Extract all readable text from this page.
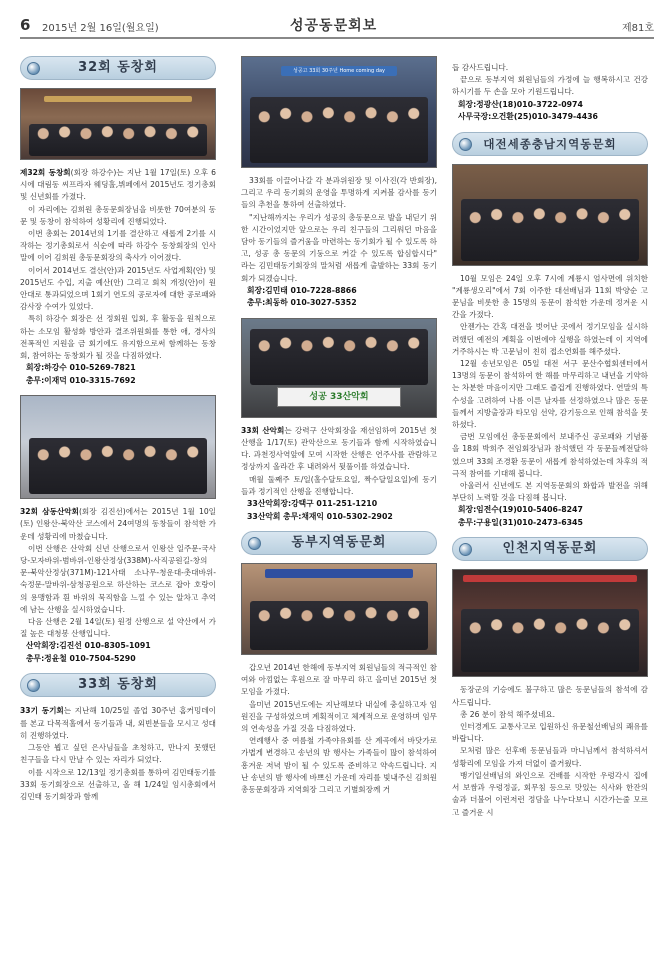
6 2015년 2월 16일(월요일)	성공동문회보	제81호
32회 동창회

제32회 동창회(회장 하강수)는 지난 1월 17일(토) 오후 6시에 대림동 씨프라자 웨딩홀,뷔페에서 2015년도 정기총회 및 신년회를 가졌다.

이 자리에는 김희원 총동문회장님을 비롯한 70여분의 동문 및 동창이 참석하여 성황리에 진행되었다.

이번 총회는 2014년의 1기를 결산하고 새롭게 2기를 시작하는 정기총회로서 식순에 따라 하강수 동창회장의 인사말에 이어 김희원 총동문회장의 축사가 이어졌다.

이어서 2014년도 결산(안)과 2015년도 사업계획(안) 및 2015년도 수입, 지출 예산(안) 그리고 회칙 개정(안)이 원안대로 통과되었으며 1회기 연도의 공로자에 대한 공로패와 감사장 수여가 있었다.

특히 하강수 회장은 선 정회원 입회, 후 활동을 원칙으로 하는 소모임 활성화 방안과 결조위원회를 통한 애, 경사의 전폭적인 지원을 금 회기에도 유지함으로써 함께하는 동창회, 참여하는 동창회가 될 것을 다짐하였다.

회장:하강수 010-5269-7821
총무:이재덕 010-3315-7692

32회 삼동산악회(회장 김진선)에서는 2015년 1월 10일(토) 인왕산-북악산 코스에서 24여명의 동창들이 참석한 가운데 성황리에 마쳤습니다.

이번 산행은 산악회 신년 산행으로서 인왕산 일주문-국사당-모자바위-범바위-인왕산정상(338M)-사직공원길-창의문-북악산정상(371M)-121사태 소나무-청운대-촛대바위-숙정문-말바위-삼청공원으로 하산하는 코스로 잡아 호랑이의 용맹함과 흰 바위의 묵직함을 느낄 수 있는 알차고 추억에 남는 산행을 실시하였습니다.

다음 산행은 2월 14일(토) 원정 산행으로 설 약산에서 가질 높은 대청봉 산행입니다.

산악회장:김진선 010-8305-1091
총무:정윤철 010-7504-5290
33회 동창회

33기 동기회는 지난해 10/25일 졸업 30주년 홈커밍데이를 본교 다목적홀에서 동기들과 내, 외빈분들을 모시고 성대히 진행하였다.

그동안 뵙고 싶던 은사님들을 초청하고, 만나지 못했던 친구들을 다시 만날 수 있는 자리가 되었다.

이를 시작으로 12/13일 정기총회를 통하여 김민태동기를 33회 동기회장으로 선출하고, 올 해 1/24일 임시총회에서 김민태 동기회장과 함께

성공고 33회 30주년 Home coming day

33회를 이끌어나갈 각 분과위원장 및 이사진(각 반회장), 그리고 우리 동기회의 운영을 투명하게 지켜볼 감사를 동기들의 추천을 통하여 선출하였다.

"지난해까지는 우리가 성공의 총동문으로 발을 내딛기 위한 시간이었지만 앞으로는 우리 친구들의 그리워던 마음을 담아 동기들의 즐거움을 마련하는 동기회가 될 수 있도록 하고, 성공 총 동문의 기둥으로 커갈 수 있도록 합심합시다" 라는 김민태동기회장의 말처럼 새롭게 출발하는 33회 동기회가 되겠습니다.

회장:김민태 010-7228-8866
총무:최동하 010-3027-5352
성공 33산악회

33회 산악회는 강력구 산악회장을 재선임하여 2015년 첫 산행을 1/17(토) 관악산으로 동기들과 함께 시작하였습니다. 과천정사역앞에 모여 시작한 산행은 연주사를 관람하고 정상까지 올라간 후 내려와서 뒷풀이를 하였습니다.

매월 둘째주 토/일(홀수달토요일, 짝수달일요일)에 동기들과 정기적인 산행을 진행합니다.

33산악회장:강택구 011-251-1210
33산악회 총무:채재익 010-5302-2902
동부지역동문회

갑오년 2014년 한해에 동부지역 회원님들의 적극적인 참여와 아낌없는 후원으로 잘 마무리 하고 을미년 2015년 첫 모임을 가졌다.

을미년 2015년도에는 지난해보다 내실에 충실하고자 임원진을 구성하였으며 계획적이고 체계적으로 운영하며 임무의 연속성을 가질 것을 다짐하였다.

연례행사 중 여름철 가족야유회를 산 계곡에서 바닷가로 가볍게 변경하고 송년의 밤 행사는 가족들이 많이 참석하여 흥겨운 저녁 밤이 될 수 있도록 준비하고 약속드립니다. 지난 송년의 밤 행사에 바쁘신 가운데 자리를 빛내주신 김희원총동문회장과 지역회장 그리고 기별회장께 거

듭 감사드립니다.

끝으로 동부지역 회원님들의 가정에 늘 행복하시고 건강하시기를 두 손을 모아 기원드립니다.

회장:정광산(18)010-3722-0974
사무국장:오건환(25)010-3479-4436
대전세종충남지역동문회

10월 모임은 24일 오후 7시에 계룡시 엄사면에 위치한 "계룡생오리"에서 7회 이주한 대선배님과 11회 박양순 고문님을 비롯한 총 15명의 동문이 참석한 가운데 정겨운 시간을 가졌다.

안젠가는 간혹 대전을 벗어난 곳에서 정기모임을 실시하려했던 예전의 계획을 이번에야 실행을 하였는데 이 지역에 거주하시는 박 고문님이 친히 접소연회를 해주셨다.

12월 송년모임은 05일 대전 서구 문산수협회센터에서 13명의 동문이 참석하여 한 해를 마무리하고 내년을 기약하는 차분한 마음이지만 그래도 즐겁게 진행하였다. 연말의 특수성을 고려하여 나름 이른 날자를 선정하였으나 많은 동문들께서 지방출장과 타모임 선약, 감기등으로 인해 참석을 못하셨다.

금번 모임에선 총동문회에서 보내주신 공로패와 기념품을 18회 박희주 전임회장님과 참석했던 각 동문들께전달하였으며 33회 조경환 동문이 새롭게 참석하였는데 차후의 적극적 참여를 기대해 봅니다.

아울러서 신년에도 본 지역동문회의 화합과 발전을 위해 부단히 노력할 것을 다짐해 봅니다.

회장:임전수(19)010-5406-8247
총무:구용일(31)010-2473-6345
인천지역동문회

동장군의 기승에도 불구하고 많은 동문님들의 참석에 감사드립니다.

총 26 분이 참석 해주셨네요.

인터경계도 교통사고로 입원하신 유문철선배님의 쾌유를 바랍니다.

모처럼 많은 선후배 동문님들과 마니님께서 참석하셔서 성황리에 모임을 가져 더없이 즐거웠다.

뱅기일선배님의 와인으로 건배를 시작한 우렁각시 집에서 보쌈과 우렁정골, 회무침 등으로 맛있는 식사와 한잔의 술과 더불어 이런저런 정담을 나누다보니 시간가는줄 모르고 즐거운 시
